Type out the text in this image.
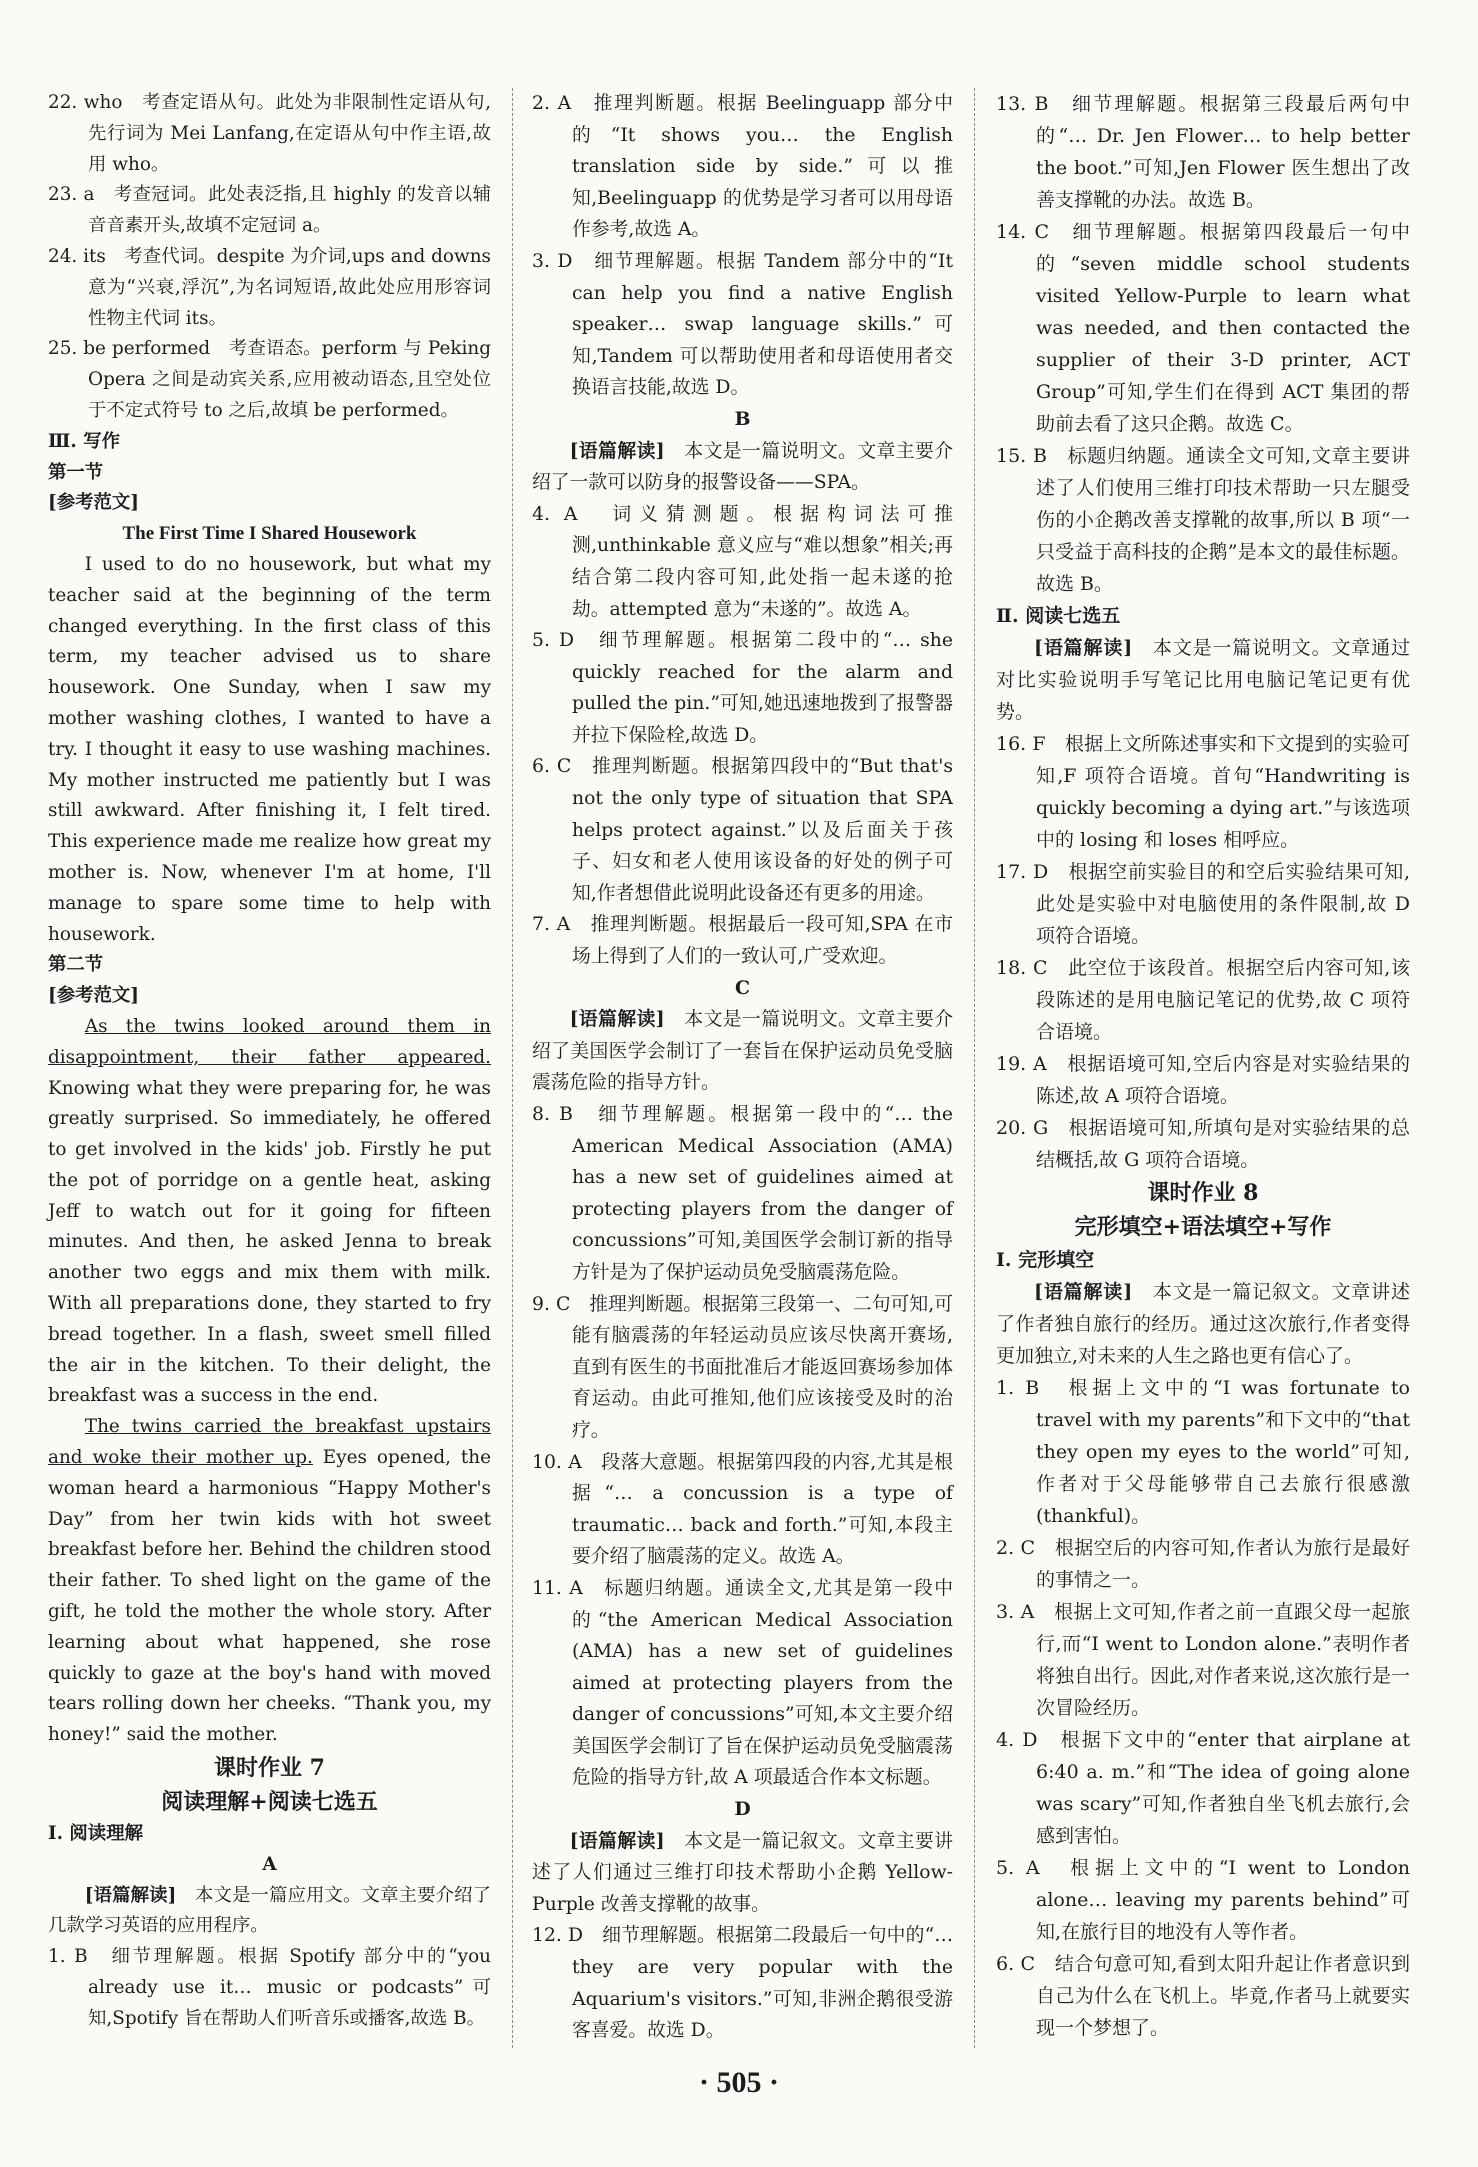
22. who　考查定语从句。此处为非限制性定语从句,先行词为 Mei Lanfang,在定语从句中作主语,故用 who。

23. a　考查冠词。此处表泛指,且 highly 的发音以辅音音素开头,故填不定冠词 a。

24. its　考查代词。despite 为介词,ups and downs 意为“兴衰,浮沉”,为名词短语,故此处应用形容词性物主代词 its。

25. be performed　考查语态。perform 与 Peking Opera 之间是动宾关系,应用被动语态,且空处位于不定式符号 to 之后,故填 be performed。

Ⅲ. 写作

第一节

[参考范文]

The First Time I Shared Housework

I used to do no housework, but what my teacher said at the beginning of the term changed everything. In the first class of this term, my teacher advised us to share housework. One Sunday, when I saw my mother washing clothes, I wanted to have a try. I thought it easy to use washing machines. My mother instructed me patiently but I was still awkward. After finishing it, I felt tired. This experience made me realize how great my mother is. Now, whenever I'm at home, I'll manage to spare some time to help with housework.

第二节

[参考范文]

As the twins looked around them in disappointment, their father appeared. Knowing what they were preparing for, he was greatly surprised. So immediately, he offered to get involved in the kids' job. Firstly he put the pot of porridge on a gentle heat, asking Jeff to watch out for it going for fifteen minutes. And then, he asked Jenna to break another two eggs and mix them with milk. With all preparations done, they started to fry bread together. In a flash, sweet smell filled the air in the kitchen. To their delight, the breakfast was a success in the end.

The twins carried the breakfast upstairs and woke their mother up. Eyes opened, the woman heard a harmonious “Happy Mother's Day” from her twin kids with hot sweet breakfast before her. Behind the children stood their father. To shed light on the game of the gift, he told the mother the whole story. After learning about what happened, she rose quickly to gaze at the boy's hand with moved tears rolling down her cheeks. “Thank you, my honey!” said the mother.

课时作业 7

阅读理解+阅读七选五

Ⅰ. 阅读理解

A

[语篇解读]　本文是一篇应用文。文章主要介绍了几款学习英语的应用程序。

1. B　细节理解题。根据 Spotify 部分中的“you already use it… music or podcasts”可知,Spotify 旨在帮助人们听音乐或播客,故选 B。

2. A　推理判断题。根据 Beelinguapp 部分中的“It shows you… the English translation side by side.”可以推知,Beelinguapp 的优势是学习者可以用母语作参考,故选 A。

3. D　细节理解题。根据 Tandem 部分中的“It can help you find a native English speaker… swap language skills.”可知,Tandem 可以帮助使用者和母语使用者交换语言技能,故选 D。

B

[语篇解读]　本文是一篇说明文。文章主要介绍了一款可以防身的报警设备——SPA。

4. A　词义猜测题。根据构词法可推测,unthinkable 意义应与“难以想象”相关;再结合第二段内容可知,此处指一起未遂的抢劫。attempted 意为“未遂的”。故选 A。

5. D　细节理解题。根据第二段中的“… she quickly reached for the alarm and pulled the pin.”可知,她迅速地拨到了报警器并拉下保险栓,故选 D。

6. C　推理判断题。根据第四段中的“But that's not the only type of situation that SPA helps protect against.”以及后面关于孩子、妇女和老人使用该设备的好处的例子可知,作者想借此说明此设备还有更多的用途。

7. A　推理判断题。根据最后一段可知,SPA 在市场上得到了人们的一致认可,广受欢迎。

C

[语篇解读]　本文是一篇说明文。文章主要介绍了美国医学会制订了一套旨在保护运动员免受脑震荡危险的指导方针。

8. B　细节理解题。根据第一段中的“… the American Medical Association (AMA) has a new set of guidelines aimed at protecting players from the danger of concussions”可知,美国医学会制订新的指导方针是为了保护运动员免受脑震荡危险。

9. C　推理判断题。根据第三段第一、二句可知,可能有脑震荡的年轻运动员应该尽快离开赛场,直到有医生的书面批准后才能返回赛场参加体育运动。由此可推知,他们应该接受及时的治疗。

10. A　段落大意题。根据第四段的内容,尤其是根据“… a concussion is a type of traumatic… back and forth.”可知,本段主要介绍了脑震荡的定义。故选 A。

11. A　标题归纳题。通读全文,尤其是第一段中的“the American Medical Association (AMA) has a new set of guidelines aimed at protecting players from the danger of concussions”可知,本文主要介绍美国医学会制订了旨在保护运动员免受脑震荡危险的指导方针,故 A 项最适合作本文标题。

D

[语篇解读]　本文是一篇记叙文。文章主要讲述了人们通过三维打印技术帮助小企鹅 Yellow-Purple 改善支撑靴的故事。

12. D　细节理解题。根据第二段最后一句中的“… they are very popular with the Aquarium's visitors.”可知,非洲企鹅很受游客喜爱。故选 D。

13. B　细节理解题。根据第三段最后两句中的“… Dr. Jen Flower… to help better the boot.”可知,Jen Flower 医生想出了改善支撑靴的办法。故选 B。

14. C　细节理解题。根据第四段最后一句中的“seven middle school students visited Yellow-Purple to learn what was needed, and then contacted the supplier of their 3-D printer, ACT Group”可知,学生们在得到 ACT 集团的帮助前去看了这只企鹅。故选 C。

15. B　标题归纳题。通读全文可知,文章主要讲述了人们使用三维打印技术帮助一只左腿受伤的小企鹅改善支撑靴的故事,所以 B 项“一只受益于高科技的企鹅”是本文的最佳标题。故选 B。

Ⅱ. 阅读七选五

[语篇解读]　本文是一篇说明文。文章通过对比实验说明手写笔记比用电脑记笔记更有优势。

16. F　根据上文所陈述事实和下文提到的实验可知,F 项符合语境。首句“Handwriting is quickly becoming a dying art.”与该选项中的 losing 和 loses 相呼应。

17. D　根据空前实验目的和空后实验结果可知,此处是实验中对电脑使用的条件限制,故 D 项符合语境。

18. C　此空位于该段首。根据空后内容可知,该段陈述的是用电脑记笔记的优势,故 C 项符合语境。

19. A　根据语境可知,空后内容是对实验结果的陈述,故 A 项符合语境。

20. G　根据语境可知,所填句是对实验结果的总结概括,故 G 项符合语境。

课时作业 8

完形填空+语法填空+写作

Ⅰ. 完形填空

[语篇解读]　本文是一篇记叙文。文章讲述了作者独自旅行的经历。通过这次旅行,作者变得更加独立,对未来的人生之路也更有信心了。

1. B　根据上文中的“I was fortunate to travel with my parents”和下文中的“that they open my eyes to the world”可知,作者对于父母能够带自己去旅行很感激(thankful)。

2. C　根据空后的内容可知,作者认为旅行是最好的事情之一。

3. A　根据上文可知,作者之前一直跟父母一起旅行,而“I went to London alone.”表明作者将独自出行。因此,对作者来说,这次旅行是一次冒险经历。

4. D　根据下文中的“enter that airplane at 6:40 a. m.”和“The idea of going alone was scary”可知,作者独自坐飞机去旅行,会感到害怕。

5. A　根据上文中的“I went to London alone… leaving my parents behind”可知,在旅行目的地没有人等作者。

6. C　结合句意可知,看到太阳升起让作者意识到自己为什么在飞机上。毕竟,作者马上就要实现一个梦想了。

· 505 ·
